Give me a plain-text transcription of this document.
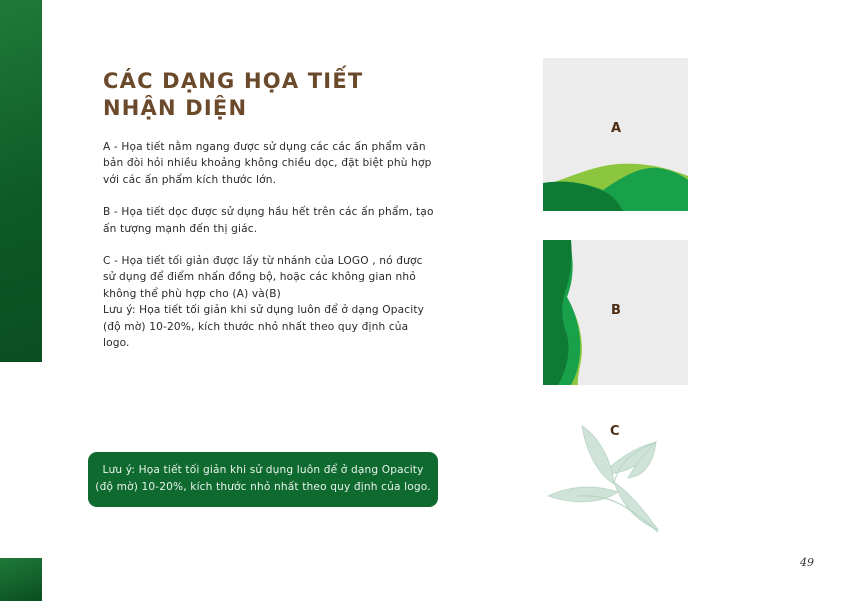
CÁC DẠNG HỌA TIẾT
NHẬN DIỆN

A - Họa tiết nằm ngang được sử dụng các các ấn phẩm văn bản đòi hỏi nhiều khoảng không chiều dọc, đặt biệt phù hợp với các ấn phẩm kích thước lớn.

B - Họa tiết dọc được sử dụng hầu hết trên các ấn phẩm, tạo ấn tượng mạnh đến thị giác.

C - Họa tiết tối giản được lấy từ nhánh của LOGO , nó được sử dụng để điểm nhấn đồng bộ, hoặc các không gian nhỏ không thể phù hợp cho (A) và(B)

Lưu ý: Họa tiết tối giản khi sử dụng luôn để ở dạng Opacity (độ mờ) 10-20%, kích thước nhỏ nhất theo quy định của logo.

Lưu ý: Họa tiết tối giản khi sử dụng luôn để ở dạng Opacity
(độ mờ) 10-20%, kích thước nhỏ nhất theo quy định của logo.
A
B
C
49
